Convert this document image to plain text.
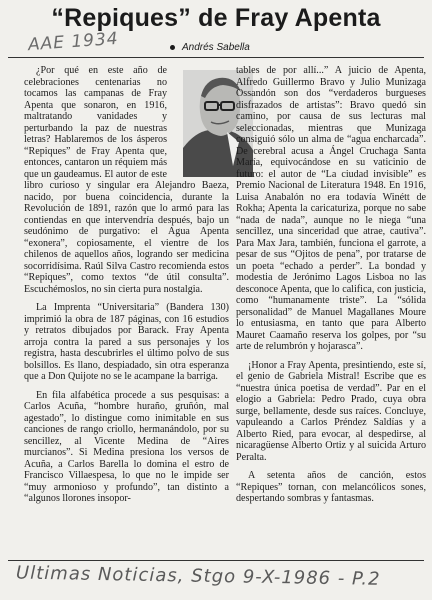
“Repiques” de Fray Apenta
AAE 1934	Andrés Sabella

¿Por qué en este año de celebraciones centenarias no tocamos las campanas de Fray Apenta que sonaron, en 1916, maltratando vanidades y perturbando la paz de nuestras letras? Hablaremos de los ásperos “Repiques” de Fray Apenta que, entonces, cantaron un réquiem más que un gaudeamus. El autor de este libro curioso y singular era Alejandro Baeza, nacido, por buena coincidencia, durante la Revolución de 1891, razón que lo armó para las contiendas en que intervendría después, bajo un seudónimo de purgativo: el Agua Apenta “exonera”, copiosamente, el vientre de los chilenos de aquellos años, logrando ser medicina socorridísima. Raúl Silva Castro recomienda estos “Repiques”, como textos “de útil consulta”. Escuchémoslos, no sin cierta pura nostalgia.

La Imprenta “Universitaria” (Bandera 130) imprimió la obra de 187 páginas, con 16 estudios y retratos dibujados por Barack. Fray Apenta arroja contra la pared a sus personajes y los registra, hasta descubrirles el último polvo de sus bolsillos. Es llano, despiadado, sin otra esperanza que a Don Quijote no se le acampane la barriga.

En fila alfabética procede a sus pesquisas: a Carlos Acuña, “hombre huraño, gruñón, mal agestado”, lo distingue como inimitable en sus canciones de rango criollo, hermanándolo, por su sencillez, al Vicente Medina de “Aires murcianos”. Si Medina presiona los versos de Acuña, a Carlos Barella lo domina el estro de Francisco Villaespesa, lo que no le impide ser “muy armonioso y profundo”, tan distinto a “algunos llorones insopor-

tables de por allí...” A juicio de Apenta, Alfredo Guillermo Bravo y Julio Munizaga Ossandón son dos “verdaderos burgueses disfrazados de artistas”: Bravo quedó sin camino, por causa de sus lecturas mal seleccionadas, mientras que Munizaga consiguió sólo un alma de “agua encharcada”. De cerebral acusa a Ángel Cruchaga Santa María, equivocándose en su vaticinio de futuro: el autor de “La ciudad invisible” es Premio Nacional de Literatura 1948. En 1916, Luisa Anabalón no era todavía Winétt de Rokha; Apenta la caricaturiza, porque no sabe “nada de nada”, aunque no le niega “una sencillez, una sinceridad que atrae, cautiva”. Para Max Jara, también, funciona el garrote, a pesar de sus “Ojitos de pena”, por tratarse de un poeta “echado a perder”. La bondad y modestia de Jerónimo Lagos Lisboa no las desconoce Apenta, que lo califica, con justicia, como “humanamente triste”. La “sólida personalidad” de Manuel Magallanes Moure lo entusiasma, en tanto que para Alberto Mauret Caamaño reserva los golpes, por “su arte de relumbrón y hojarasca”.

¡Honor a Fray Apenta, presintiendo, este sí, el genio de Gabriela Mistral! Escribe que es “nuestra única poetisa de verdad”. Par en el elogio a Gabriela: Pedro Prado, cuya obra surge, bellamente, desde sus raíces. Concluye, vapuleando a Carlos Préndez Saldías y a Alberto Ried, para evocar, al despedirse, al nicaragüense Alberto Ortiz y al suicida Arturo Peralta.

A setenta años de canción, estos “Repiques” tornan, con melancólicos sones, despertando sombras y fantasmas.

Ultimas Noticias, Stgo 9-X-1986 - P.2
